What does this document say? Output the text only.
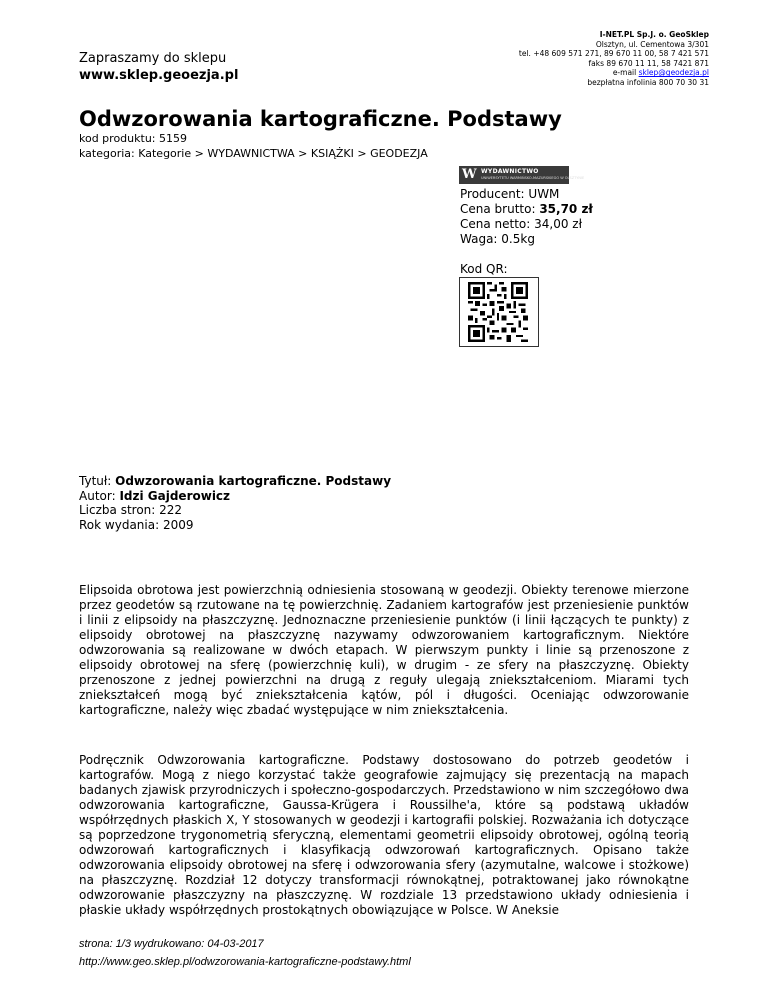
Zapraszamy do sklepu
www.sklep.geoezja.pl
I-NET.PL Sp.J. o. GeoSklep
Olsztyn, ul. Cementowa 3/301
tel. +48 609 571 271, 89 670 11 00, 58 7 421 571
faks 89 670 11 11, 58 7421 871
e-mail sklep@geodezja.pl
bezpłatna infolinia 800 70 30 31
Odwzorowania kartograficzne. Podstawy
kod produktu: 5159
kategoria: Kategorie > WYDAWNICTWA > KSIĄŻKI > GEODEZJA
W WYDAWNICTWO
UNIWERSYTETU WARMIŃSKO-MAZURSKIEGO W OLSZTYNIE
Producent: UWM
Cena brutto: 35,70 zł
Cena netto: 34,00 zł
Waga: 0.5kg
Kod QR:
Tytuł: Odwzorowania kartograficzne. Podstawy
Autor: Idzi Gajderowicz
Liczba stron: 222
Rok wydania: 2009

Elipsoida obrotowa jest powierzchnią odniesienia stosowaną w geodezji. Obiekty terenowe mierzone przez geodetów są rzutowane na tę powierzchnię. Zadaniem kartografów jest przeniesienie punktów i linii z elipsoidy na płaszczyznę. Jednoznaczne przeniesienie punktów (i linii łączących te punkty) z elipsoidy obrotowej na płaszczyznę nazywamy odwzorowaniem kartograficznym. Niektóre odwzorowania są realizowane w dwóch etapach. W pierwszym punkty i linie są przenoszone z elipsoidy obrotowej na sferę (powierzchnię kuli), w drugim - ze sfery na płaszczyznę. Obiekty przenoszone z jednej powierzchni na drugą z reguły ulegają zniekształceniom. Miarami tych zniekształceń mogą być zniekształcenia kątów, pól i długości. Oceniając odwzorowanie kartograficzne, należy więc zbadać występujące w nim zniekształcenia.

Podręcznik Odwzorowania kartograficzne. Podstawy dostosowano do potrzeb geodetów i kartografów. Mogą z niego korzystać także geografowie zajmujący się prezentacją na mapach badanych zjawisk przyrodniczych i społeczno-gospodarczych. Przedstawiono w nim szczegółowo dwa odwzorowania kartograficzne, Gaussa-Krügera i Roussilhe'a, które są podstawą układów współrzędnych płaskich X, Y stosowanych w geodezji i kartografii polskiej. Rozważania ich dotyczące są poprzedzone trygonometrią sferyczną, elementami geometrii elipsoidy obrotowej, ogólną teorią odwzorowań kartograficznych i klasyfikacją odwzorowań kartograficznych. Opisano także odwzorowania elipsoidy obrotowej na sferę i odwzorowania sfery (azymutalne, walcowe i stożkowe) na płaszczyznę. Rozdział 12 dotyczy transformacji równokątnej, potraktowanej jako równokątne odwzorowanie płaszczyzny na płaszczyznę. W rozdziale 13 przedstawiono układy odniesienia i płaskie układy współrzędnych prostokątnych obowiązujące w Polsce. W Aneksie

strona: 1/3 wydrukowano: 04-03-2017
http://www.geo.sklep.pl/odwzorowania-kartograficzne-podstawy.html
